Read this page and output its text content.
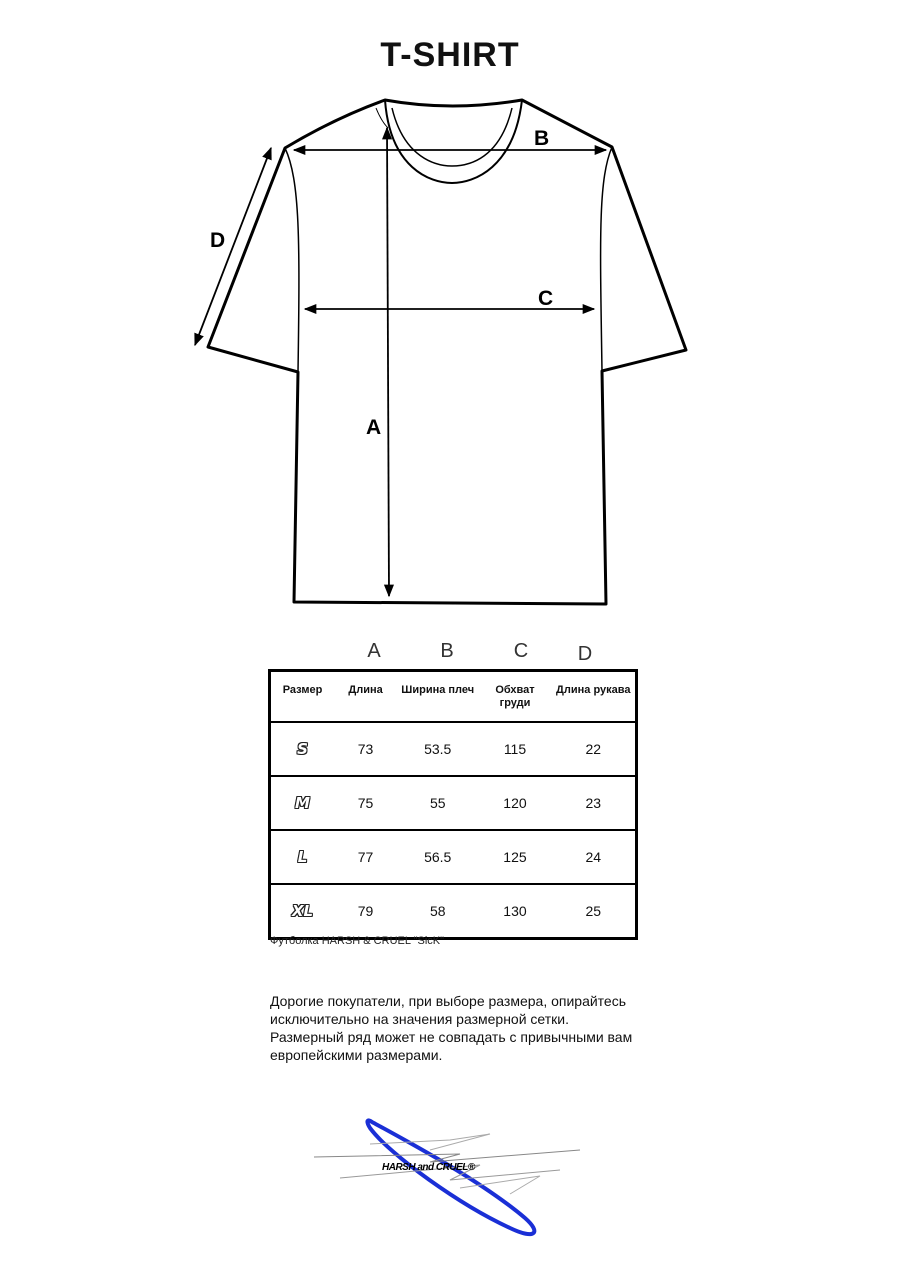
T-SHIRT
A
B
C
D
A	B	C	D
Размер	Длина	Ширина плеч	Обхват груди	Длина рукава
S	73	53.5	115	22
M	75	55	120	23
L	77	56.5	125	24
XL	79	58	130	25
Футболка HARSH & CRUEL "SicK"
Дорогие покупатели, при выборе размера, опирайтесь
исключительно на значения размерной сетки.
Размерный ряд может не совпадать с привычными вам
европейскими размерами.
HARSH and CRUEL®
